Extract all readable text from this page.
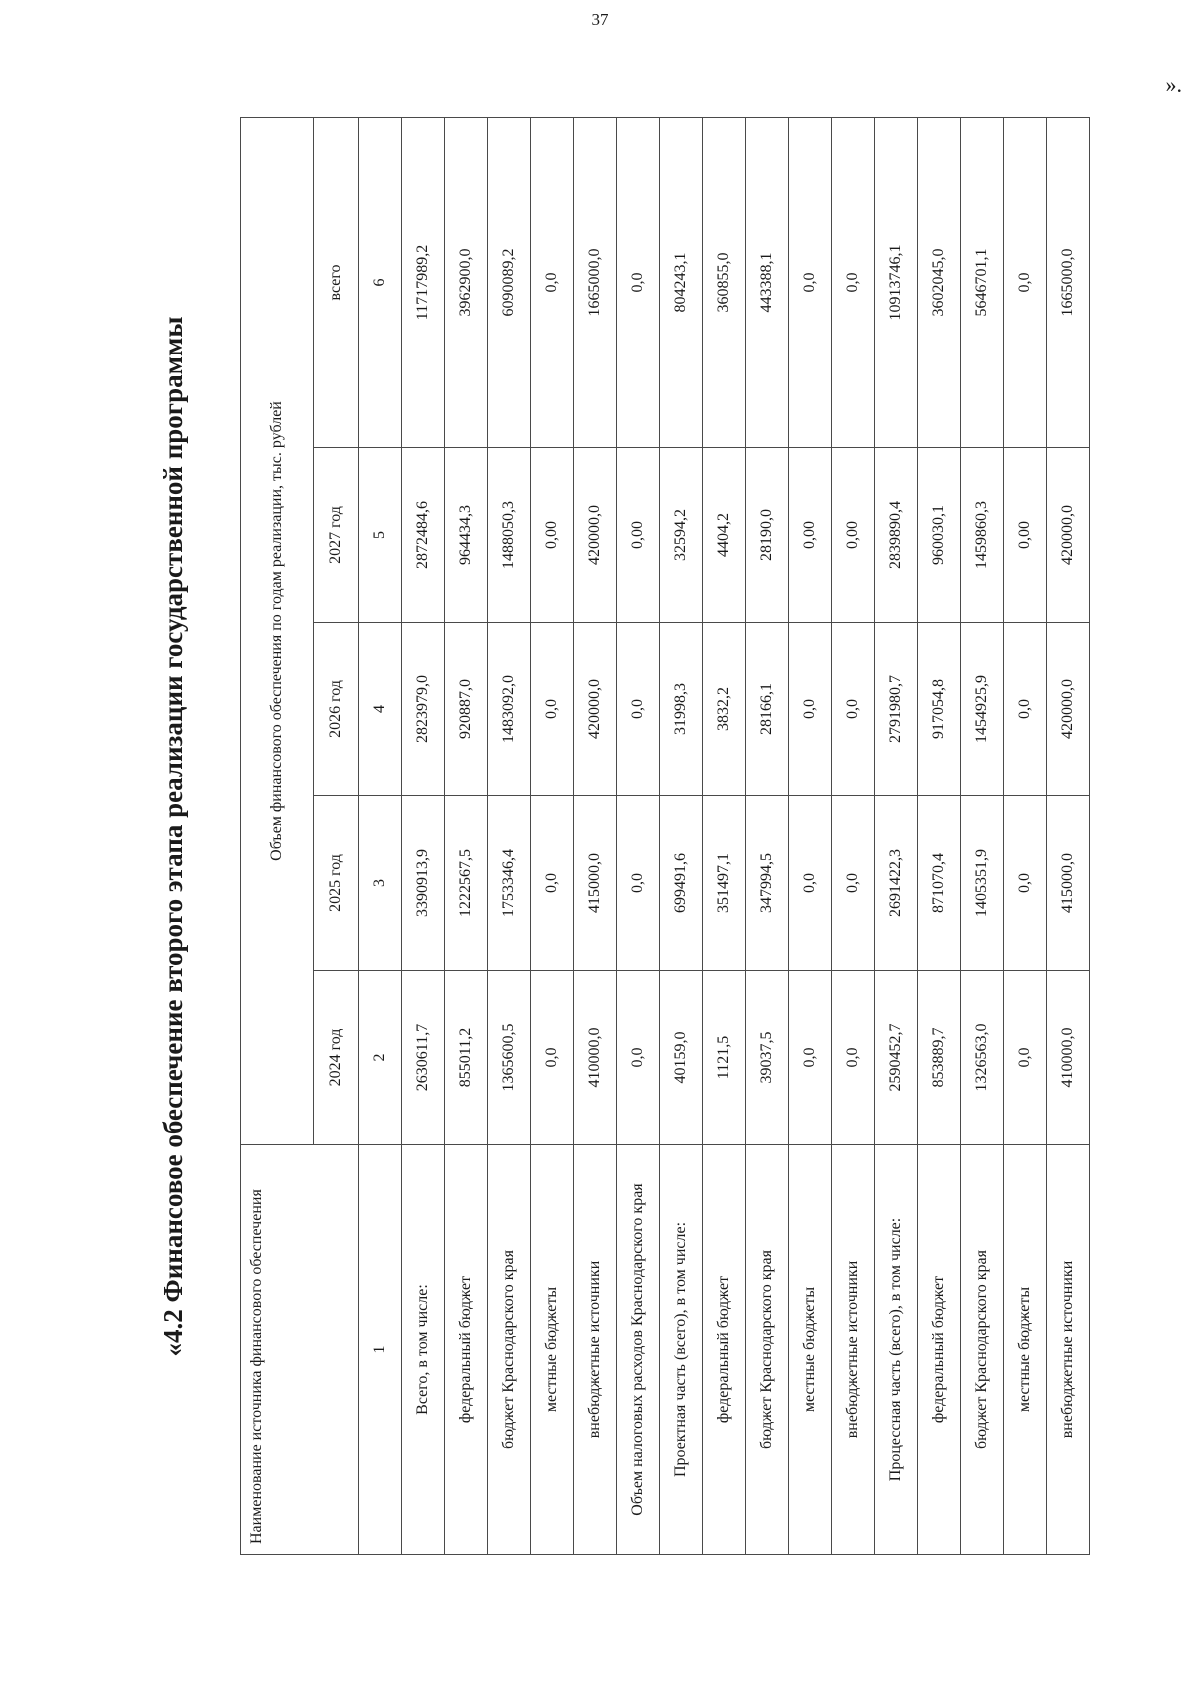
37
«4.2 Финансовое обеспечение второго этапа реализации государственной программы
Наименование источника финансового обеспечения	Объем финансового обеспечения по годам реализации, тыс. рублей				
	2024 год	2025 год	2026 год	2027 год	всего
1	2	3	4	5	6
Всего, в том числе:	2630611,7	3390913,9	2823979,0	2872484,6	11717989,2
федеральный бюджет	855011,2	1222567,5	920887,0	964434,3	3962900,0
бюджет Краснодарского края	1365600,5	1753346,4	1483092,0	1488050,3	6090089,2
местные бюджеты	0,0	0,0	0,0	0,00	0,0
внебюджетные источники	410000,0	415000,0	420000,0	420000,0	1665000,0
Объем налоговых расходов Краснодарского края	0,0	0,0	0,0	0,00	0,0
Проектная часть (всего), в том числе:	40159,0	699491,6	31998,3	32594,2	804243,1
федеральный бюджет	1121,5	351497,1	3832,2	4404,2	360855,0
бюджет Краснодарского края	39037,5	347994,5	28166,1	28190,0	443388,1
местные бюджеты	0,0	0,0	0,0	0,00	0,0
внебюджетные источники	0,0	0,0	0,0	0,00	0,0
Процессная часть (всего), в том числе:	2590452,7	2691422,3	2791980,7	2839890,4	10913746,1
федеральный бюджет	853889,7	871070,4	917054,8	960030,1	3602045,0
бюджет Краснодарского края	1326563,0	1405351,9	1454925,9	1459860,3	5646701,1
местные бюджеты	0,0	0,0	0,0	0,00	0,0
внебюджетные источники	410000,0	415000,0	420000,0	420000,0	1665000,0
».
